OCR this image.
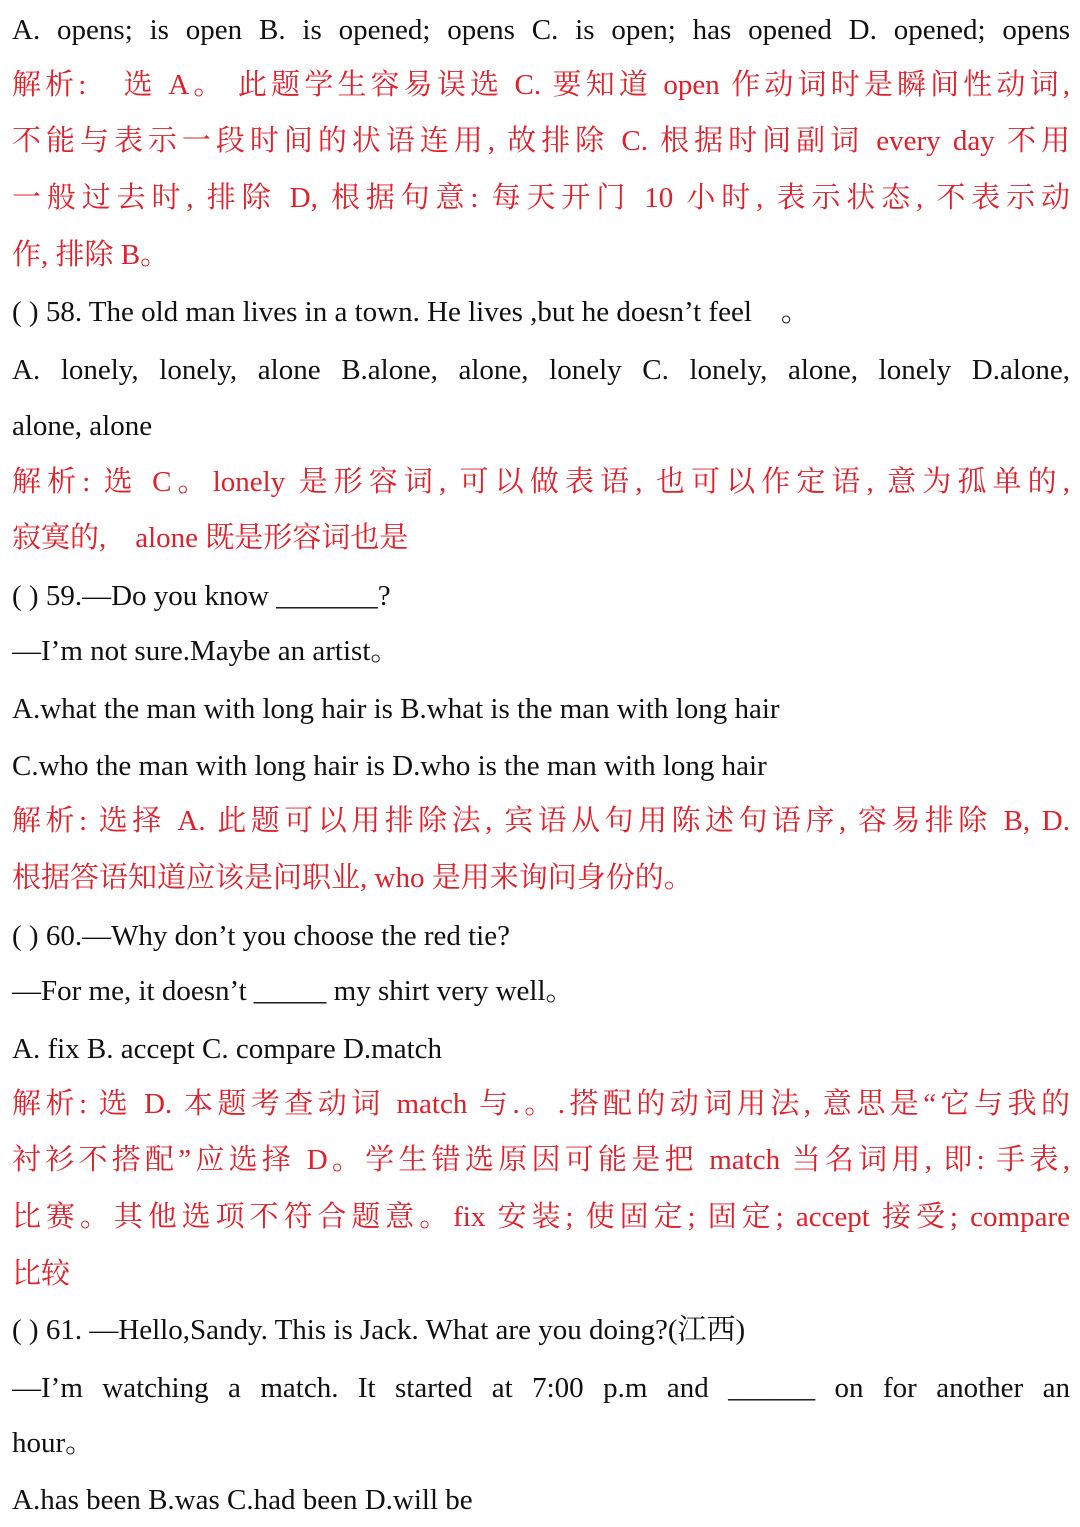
A. opens; is open B. is opened; opens C. is open; has opened D. opened; opens
解析:　选 A。 此题学生容易误选 C. 要知道 open 作动词时是瞬间性动词,
不能与表示一段时间的状语连用, 故排除 C. 根据时间副词 every day 不用
一般过去时, 排除 D, 根据句意: 每天开门 10 小时, 表示状态, 不表示动
作, 排除 B。
( ) 58. The old man lives in a town. He lives ,but he doesn’t feel　。
A. lonely, lonely, alone B.alone, alone, lonely C. lonely, alone, lonely D.alone,
alone, alone
解析: 选 C。lonely 是形容词, 可以做表语, 也可以作定语, 意为孤单的,
寂寞的,　alone 既是形容词也是
( ) 59.—Do you know _______?
—I’m not sure.Maybe an artist。
A.what the man with long hair is B.what is the man with long hair
C.who the man with long hair is D.who is the man with long hair
解析: 选择 A. 此题可以用排除法, 宾语从句用陈述句语序, 容易排除 B, D.
根据答语知道应该是问职业, who 是用来询问身份的。
( ) 60.—Why don’t you choose the red tie?
—For me, it doesn’t _____ my shirt very well。
A. fix B. accept C. compare D.match
解析: 选 D. 本题考查动词 match 与.。.搭配的动词用法, 意思是“它与我的
衬衫不搭配”应选择 D。学生错选原因可能是把 match 当名词用, 即: 手表,
比赛。其他选项不符合题意。fix 安装; 使固定; 固定; accept 接受; compare
比较
( ) 61. —Hello,Sandy. This is Jack. What are you doing?(江西)
—I’m watching a match. It started at 7:00 p.m and ______ on for another an
hour。
A.has been B.was C.had been D.will be
